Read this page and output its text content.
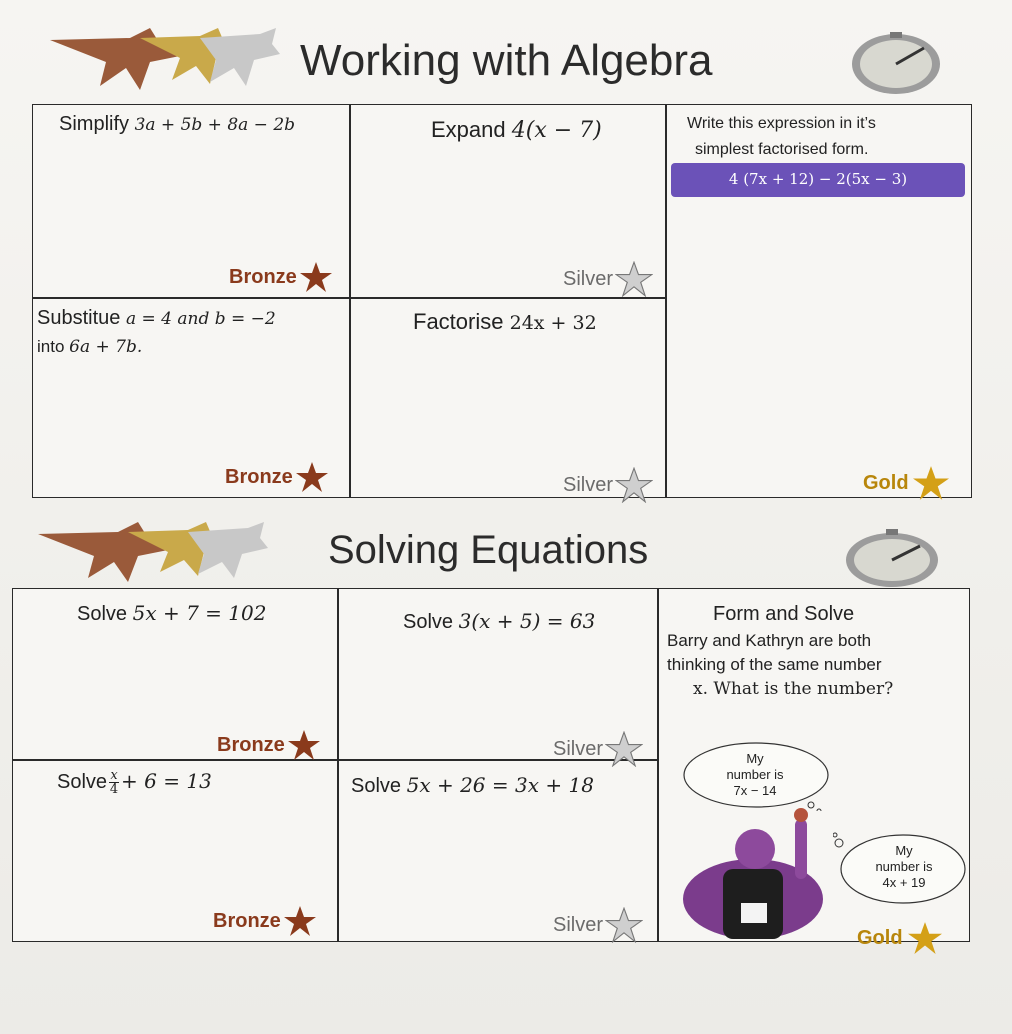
Working with Algebra
Simplify 3a + 5b + 8a − 2b
Bronze
Expand 4(x − 7)
Silver
Write this expression in it’s
simplest factorised form.
4 (7x + 12) − 2(5x − 3)
Gold
Substitue a = 4 and b = −2
into 6a + 7b.
Bronze
Factorise 24x + 32
Silver
Solving Equations
Solve 5x + 7 = 102
Bronze
Solve 3(x + 5) = 63
Silver
Form and Solve
Barry and Kathryn are both
thinking of the same number
x. What is the number?
My
number is
7x − 14
My
number is
4x + 19
Gold
Solve $\frac{x}{4} + 6 = 13$
Bronze
Solve 5x + 26 = 3x + 18
Silver
